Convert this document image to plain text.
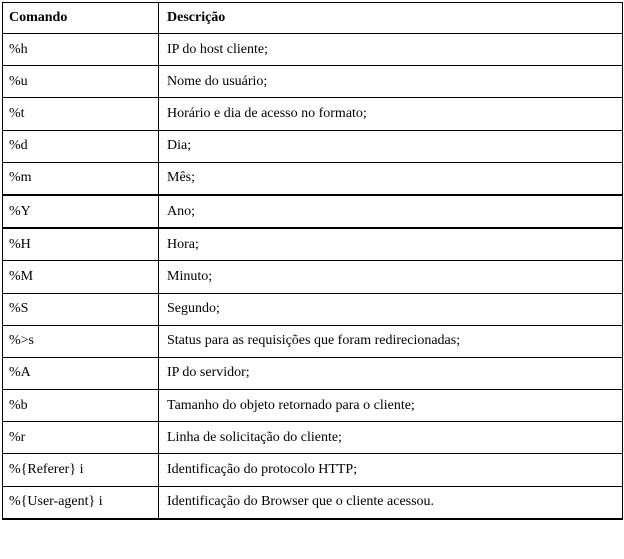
Comando	Descrição
%h	IP do host cliente;
%u	Nome do usuário;
%t	Horário e dia de acesso no formato;
%d	Dia;
%m	Mês;
%Y	Ano;
%H	Hora;
%M	Minuto;
%S	Segundo;
%>s	Status para as requisições que foram redirecionadas;
%A	IP do servidor;
%b	Tamanho do objeto retornado para o cliente;
%r	Linha de solicitação do cliente;
%{Referer} i	Identificação do protocolo HTTP;
%{User-agent} i	Identificação do Browser que o cliente acessou.
